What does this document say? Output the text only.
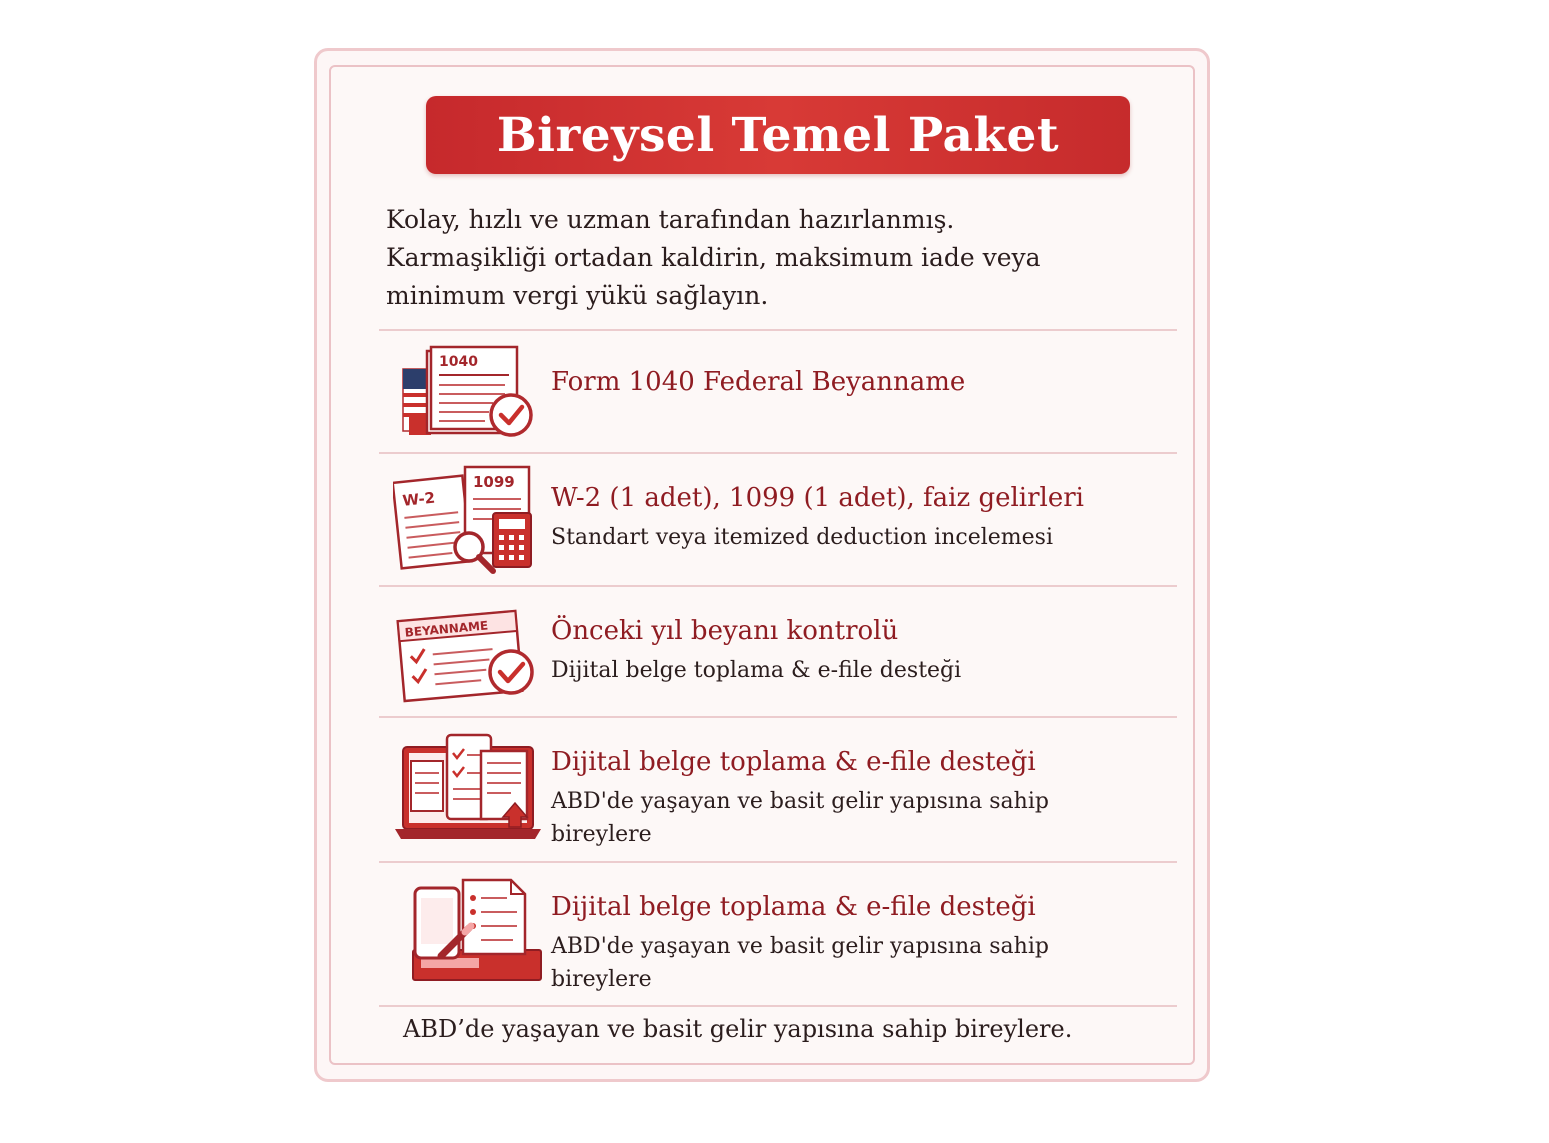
Bireysel Temel Paket
Kolay, hızlı ve uzman tarafından hazırlanmış.
Karmaşikliği ortadan kaldirin, maksimum iade veya
minimum vergi yükü sağlayın.
1040
Form 1040 Federal Beyanname
W-2
1099
W-2 (1 adet), 1099 (1 adet), faiz gelirleri
Standart veya itemized deduction incelemesi
BEYANNAME Önceki yıl beyanı kontrolü
Dijital belge toplama & e-file desteği
Dijital belge toplama & e-file desteği
ABD'de yaşayan ve basit gelir yapısına sahip bireylere
Dijital belge toplama & e-file desteği
ABD'de yaşayan ve basit gelir yapısına sahip bireylere
ABD’de yaşayan ve basit gelir yapısına sahip bireylere.
